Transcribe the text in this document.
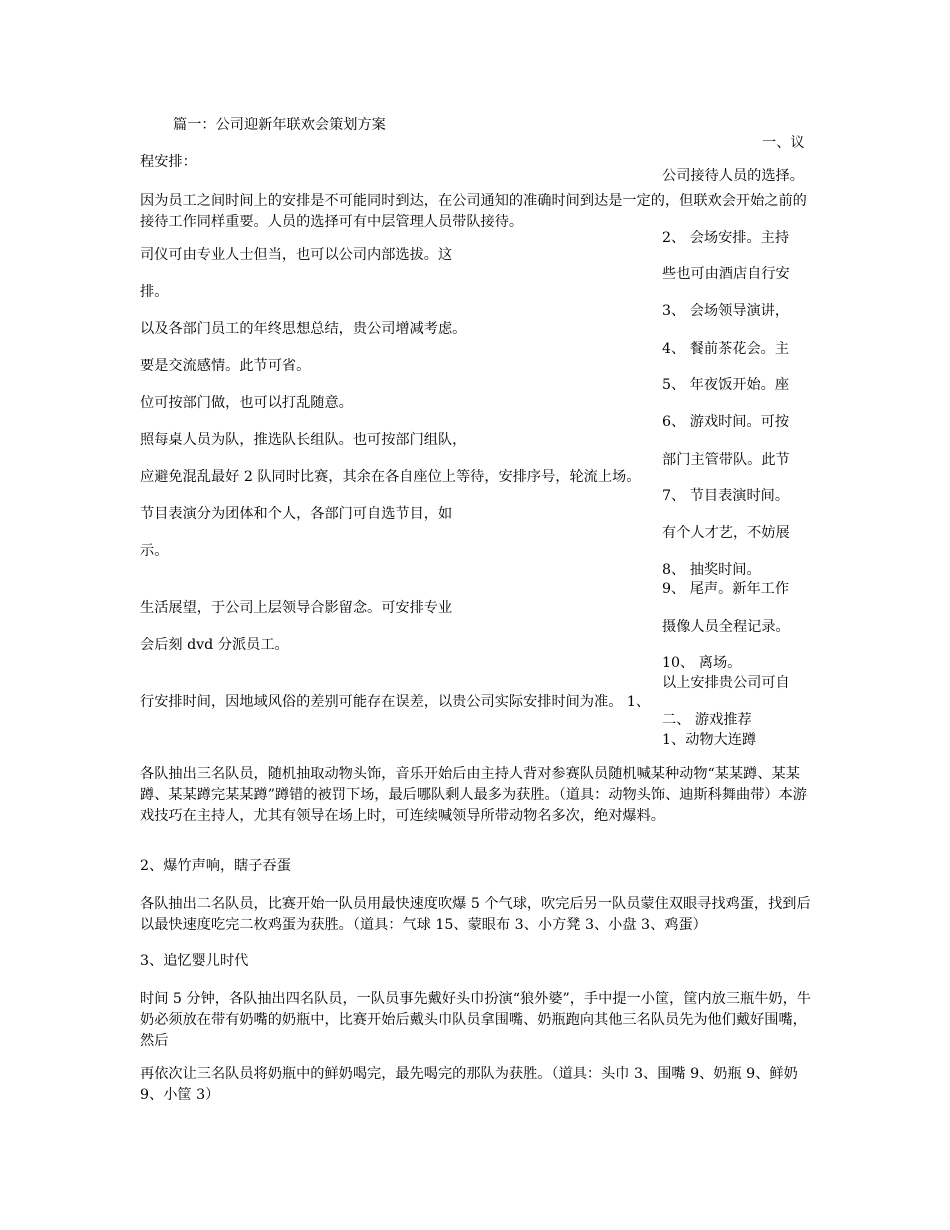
篇一：公司迎新年联欢会策划方案

一、议

公司接待人员的选择。

2、 会场安排。主持

些也可由酒店自行安

3、 会场领导演讲，

4、 餐前茶花会。主

5、 年夜饭开始。座

6、 游戏时间。可按

部门主管带队。此节

7、 节目表演时间。

有个人才艺，不妨展

8、 抽奖时间。

9、 尾声。新年工作

摄像人员全程记录。

10、 离场。

以上安排贵公司可自

二、 游戏推荐

1、动物大连蹲

程安排：

因为员工之间时间上的安排是不可能同时到达，在公司通知的准确时间到达是一定的，但联欢会开始之前的接待工作同样重要。人员的选择可有中层管理人员带队接待。

司仪可由专业人士但当，也可以公司内部选拔。这

排。

以及各部门员工的年终思想总结，贵公司增减考虑。

要是交流感情。此节可省。

位可按部门做，也可以打乱随意。

照每桌人员为队，推选队长组队。也可按部门组队，

应避免混乱最好 2 队同时比赛，其余在各自座位上等待，安排序号，轮流上场。

节目表演分为团体和个人，各部门可自选节目，如

示。

生活展望，于公司上层领导合影留念。可安排专业

会后刻 dvd 分派员工。

行安排时间，因地域风俗的差别可能存在误差，以贵公司实际安排时间为准。 1、

各队抽出三名队员，随机抽取动物头饰，音乐开始后由主持人背对参赛队员随机喊某种动物“某某蹲、某某蹲、某某蹲完某某蹲”蹲错的被罚下场，最后哪队剩人最多为获胜。（道具：动物头饰、迪斯科舞曲带）本游戏技巧在主持人，尤其有领导在场上时，可连续喊领导所带动物名多次，绝对爆料。

2、爆竹声响，瞎子吞蛋

各队抽出二名队员，比赛开始一队员用最快速度吹爆 5 个气球，吹完后另一队员蒙住双眼寻找鸡蛋，找到后以最快速度吃完二枚鸡蛋为获胜。（道具：气球 15、蒙眼布 3、小方凳 3、小盘 3、鸡蛋）

3、追忆婴儿时代

时间 5 分钟，各队抽出四名队员，一队员事先戴好头巾扮演“狼外婆”，手中提一小筐，筐内放三瓶牛奶，牛奶必须放在带有奶嘴的奶瓶中，比赛开始后戴头巾队员拿围嘴、奶瓶跑向其他三名队员先为他们戴好围嘴，然后

再依次让三名队员将奶瓶中的鲜奶喝完，最先喝完的那队为获胜。（道具：头巾 3、围嘴 9、奶瓶 9、鲜奶 9、小筐 3）
